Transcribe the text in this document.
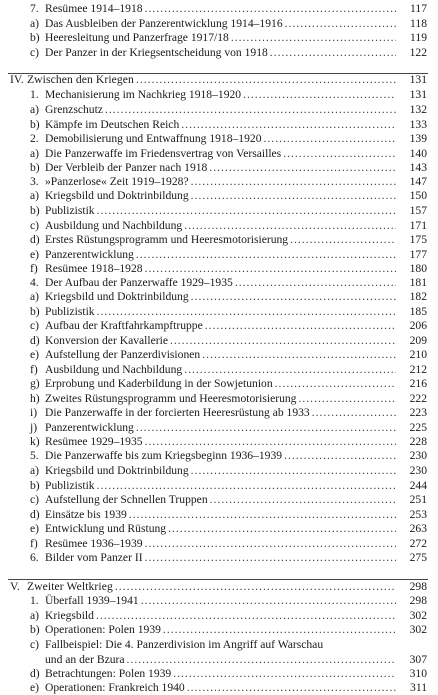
7. Resümee 1914–1918 .....	117
a) Das Ausbleiben der Panzerentwicklung 1914–1916 .....	118
b) Heeresleitung und Panzerfrage 1917/18 .....	119
c) Der Panzer in der Kriegsentscheidung von 1918 .....	122
IV. Zwischen den Kriegen .....	131
1. Mechanisierung im Nachkrieg 1918–1920 .....	131
a) Grenzschutz .....	132
b) Kämpfe im Deutschen Reich .....	133
2. Demobilisierung und Entwaffnung 1918–1920 .....	139
a) Die Panzerwaffe im Friedensvertrag von Versailles .....	140
b) Der Verbleib der Panzer nach 1918 .....	143
3. »Panzerlose« Zeit 1919–1928? .....	147
a) Kriegsbild und Doktrinbildung .....	150
b) Publizistik .....	157
c) Ausbildung und Nachbildung .....	171
d) Erstes Rüstungsprogramm und Heeresmotorisierung .....	175
e) Panzerentwicklung .....	177
f) Resümee 1918–1928 .....	180
4. Der Aufbau der Panzerwaffe 1929–1935 .....	181
a) Kriegsbild und Doktrinbildung .....	182
b) Publizistik .....	185
c) Aufbau der Kraftfahrkampftruppe .....	206
d) Konversion der Kavallerie .....	209
e) Aufstellung der Panzerdivisionen .....	210
f) Ausbildung und Nachbildung .....	212
g) Erprobung und Kaderbildung in der Sowjetunion .....	216
h) Zweites Rüstungsprogramm und Heeresmotorisierung .....	222
i) Die Panzerwaffe in der forcierten Heeresrüstung ab 1933 .....	223
j) Panzerentwicklung .....	225
k) Resümee 1929–1935 .....	228
5. Die Panzerwaffe bis zum Kriegsbeginn 1936–1939 .....	230
a) Kriegsbild und Doktrinbildung .....	230
b) Publizistik .....	244
c) Aufstellung der Schnellen Truppen .....	251
d) Einsätze bis 1939 .....	253
e) Entwicklung und Rüstung .....	263
f) Resümee 1936–1939 .....	272
6. Bilder vom Panzer II .....	275
V. Zweiter Weltkrieg .....	298
1. Überfall 1939–1941 .....	298
a) Kriegsbild .....	302
b) Operationen: Polen 1939 .....	302
c) Fallbeispiel: Die 4. Panzerdivision im Angriff auf Warschau
und an der Bzura .....	307
d) Betrachtungen: Polen 1939 .....	310
e) Operationen: Frankreich 1940 .....	311
